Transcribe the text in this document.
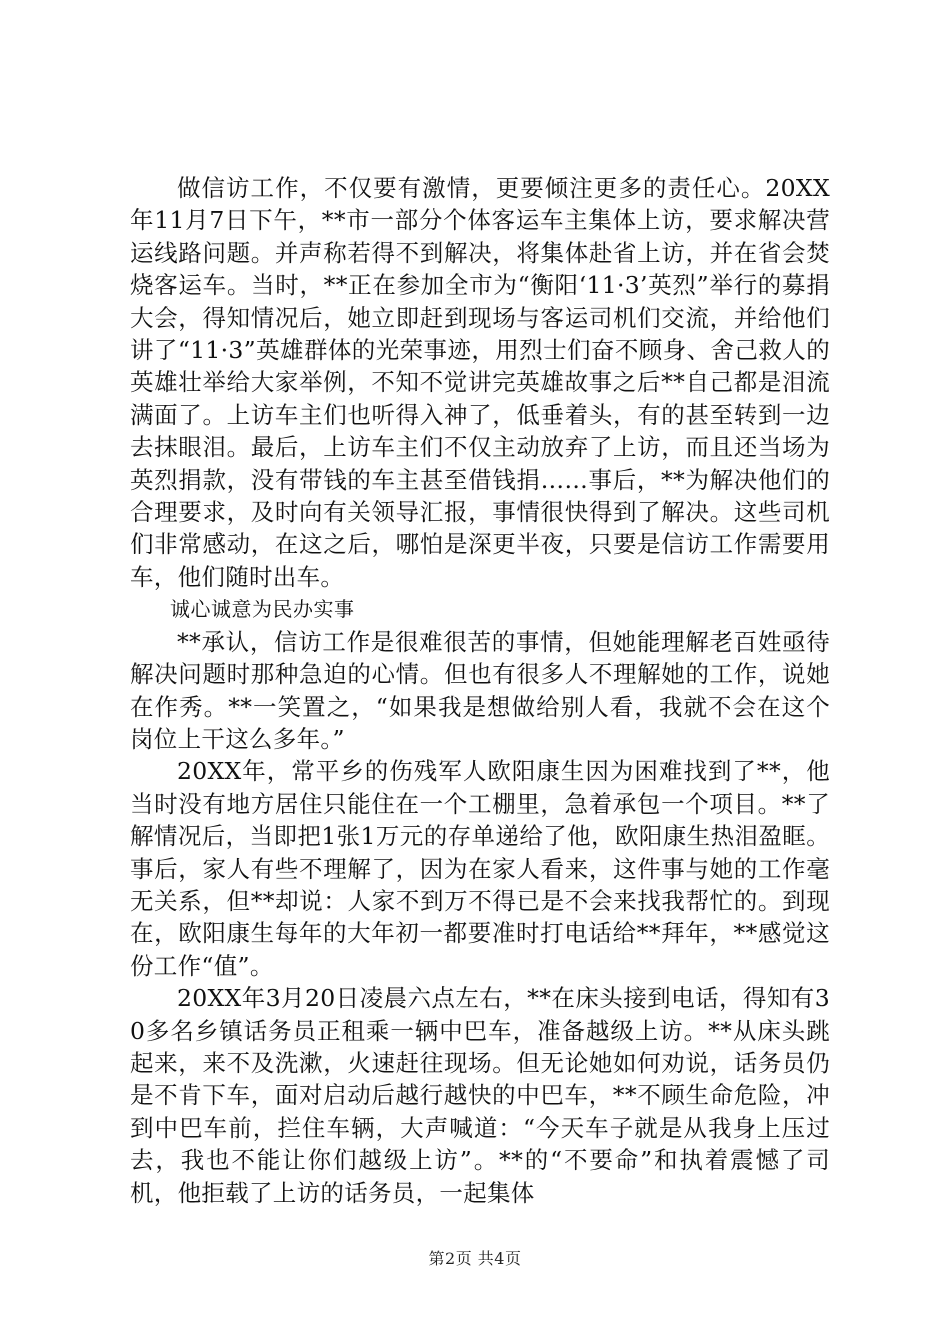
做信访工作，不仅要有激情，更要倾注更多的责任心。20XX年11月7日下午，**市一部分个体客运车主集体上访，要求解决营运线路问题。并声称若得不到解决，将集体赴省上访，并在省会焚烧客运车。当时，**正在参加全市为“衡阳‘11·3’英烈”举行的募捐大会，得知情况后，她立即赶到现场与客运司机们交流，并给他们讲了“11·3”英雄群体的光荣事迹，用烈士们奋不顾身、舍己救人的英雄壮举给大家举例，不知不觉讲完英雄故事之后**自己都是泪流满面了。上访车主们也听得入神了，低垂着头，有的甚至转到一边去抹眼泪。最后，上访车主们不仅主动放弃了上访，而且还当场为英烈捐款，没有带钱的车主甚至借钱捐……事后，**为解决他们的合理要求，及时向有关领导汇报，事情很快得到了解决。这些司机们非常感动，在这之后，哪怕是深更半夜，只要是信访工作需要用车，他们随时出车。

诚心诚意为民办实事

**承认，信访工作是很难很苦的事情，但她能理解老百姓亟待解决问题时那种急迫的心情。但也有很多人不理解她的工作，说她在作秀。**一笑置之，“如果我是想做给别人看，我就不会在这个岗位上干这么多年。”

20XX年，常平乡的伤残军人欧阳康生因为困难找到了**，他当时没有地方居住只能住在一个工棚里，急着承包一个项目。**了解情况后，当即把1张1万元的存单递给了他，欧阳康生热泪盈眶。事后，家人有些不理解了，因为在家人看来，这件事与她的工作毫无关系，但**却说：人家不到万不得已是不会来找我帮忙的。到现在，欧阳康生每年的大年初一都要准时打电话给**拜年，**感觉这份工作“值”。

20XX年3月20日凌晨六点左右，**在床头接到电话，得知有30多名乡镇话务员正租乘一辆中巴车，准备越级上访。**从床头跳起来，来不及洗漱，火速赶往现场。但无论她如何劝说，话务员仍是不肯下车，面对启动后越行越快的中巴车，**不顾生命危险，冲到中巴车前，拦住车辆，大声喊道：“今天车子就是从我身上压过去，我也不能让你们越级上访”。**的“不要命”和执着震憾了司机，他拒载了上访的话务员，一起集体

第2页 共4页
